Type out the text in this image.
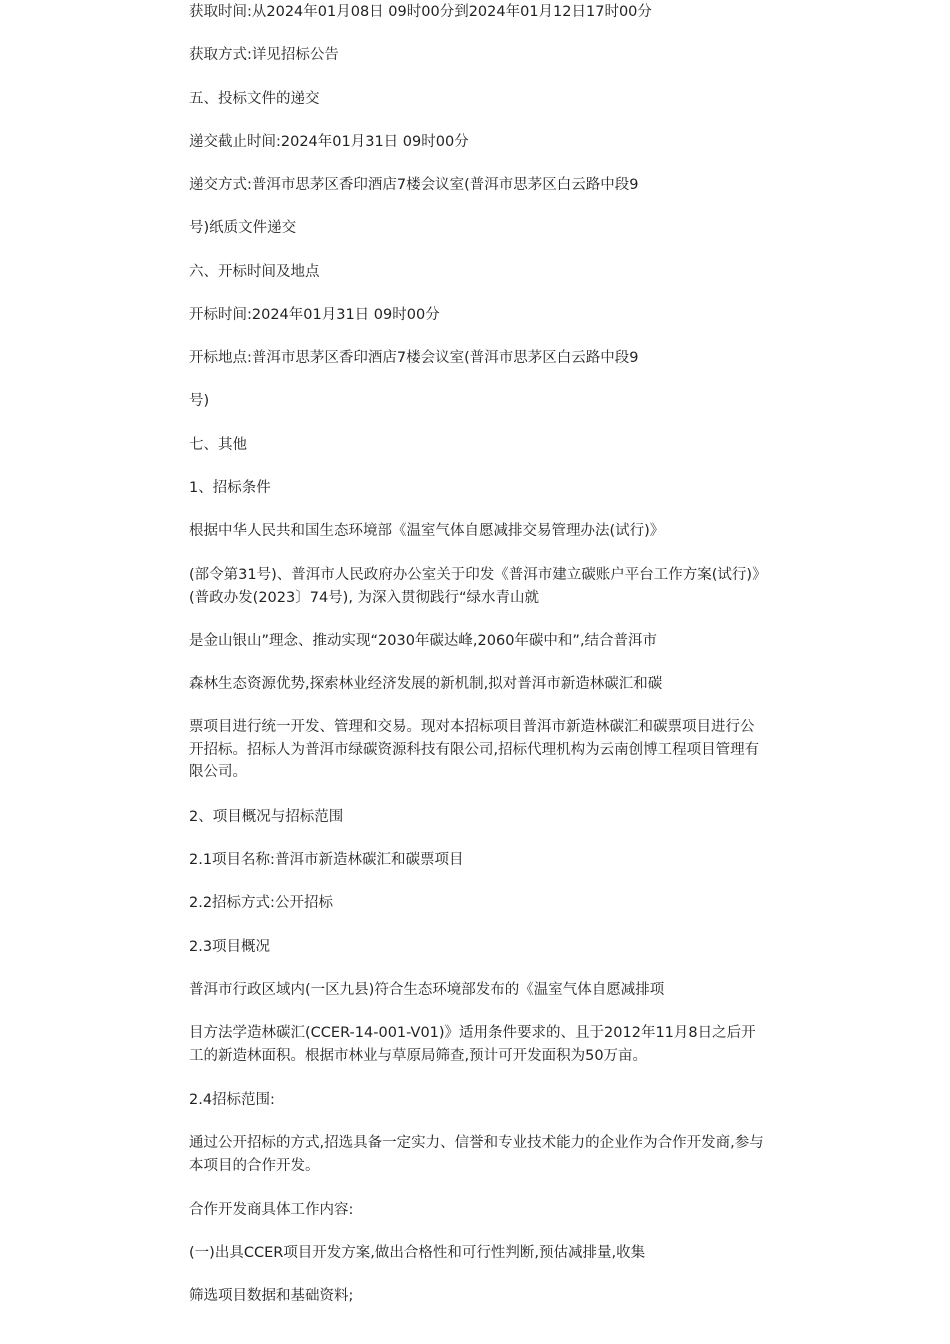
获取时间:从2024年01月08日 09时00分到2024年01月12日17时00分

获取方式:详见招标公告

五、投标文件的递交

递交截止时间:2024年01月31日 09时00分

递交方式:普洱市思茅区香印酒店7楼会议室(普洱市思茅区白云路中段9

号)纸质文件递交

六、开标时间及地点

开标时间:2024年01月31日 09时00分

开标地点:普洱市思茅区香印酒店7楼会议室(普洱市思茅区白云路中段9

号)

七、其他

1、招标条件

根据中华人民共和国生态环境部《温室气体自愿减排交易管理办法(试行)》

(部令第31号)、普洱市人民政府办公室关于印发《普洱市建立碳账户平台工作方案(试行)》(普政办发(2023〕74号), 为深入贯彻践行“绿水青山就

是金山银山”理念、推动实现“2030年碳达峰,2060年碳中和”,结合普洱市

森林生态资源优势,探索林业经济发展的新机制,拟对普洱市新造林碳汇和碳

票项目进行统一开发、管理和交易。现对本招标项目普洱市新造林碳汇和碳票项目进行公开招标。招标人为普洱市绿碳资源科技有限公司,招标代理机构为云南创博工程项目管理有限公司。

2、项目概况与招标范围

2.1项目名称:普洱市新造林碳汇和碳票项目

2.2招标方式:公开招标

2.3项目概况

普洱市行政区域内(一区九县)符合生态环境部发布的《温室气体自愿减排项

目方法学造林碳汇(CCER-14-001-V01)》适用条件要求的、且于2012年11月8日之后开工的新造林面积。根据市林业与草原局筛查,预计可开发面积为50万亩。

2.4招标范围:

通过公开招标的方式,招选具备一定实力、信誉和专业技术能力的企业作为合作开发商,参与本项目的合作开发。

合作开发商具体工作内容:

(一)出具CCER项目开发方案,做出合格性和可行性判断,预估减排量,收集

筛选项目数据和基础资料;
